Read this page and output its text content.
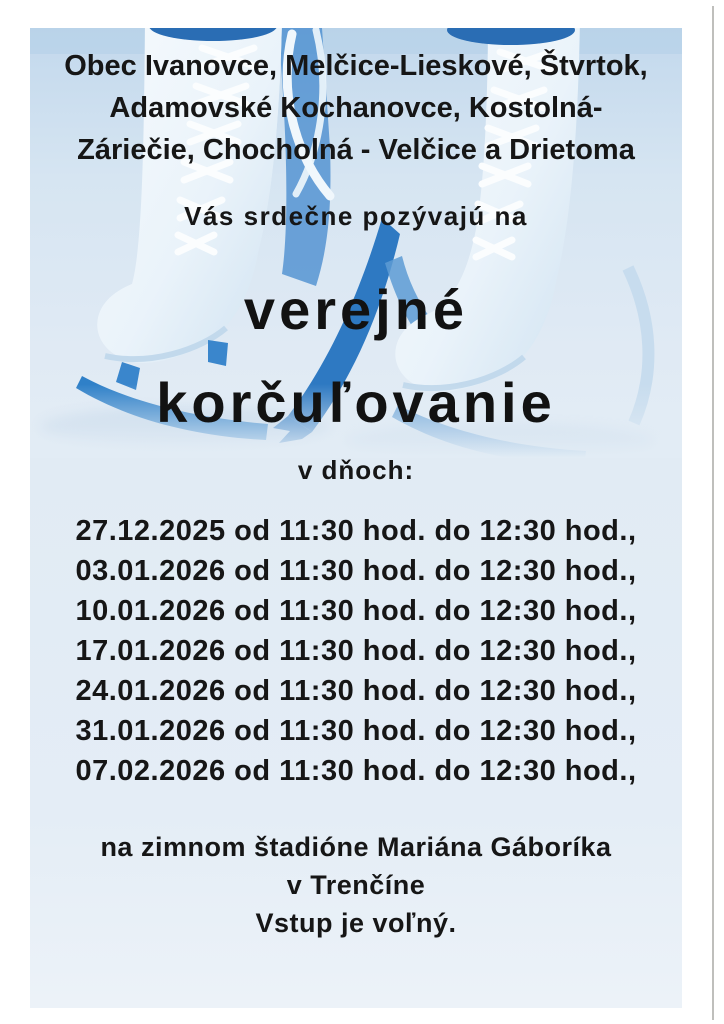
Obec Ivanovce, Melčice-Lieskové, Štvrtok,
Adamovské Kochanovce, Kostolná-
Záriečie, Chocholná - Velčice a Drietoma
Vás srdečne pozývajú na
verejné
korčuľovanie
v dňoch:
27.12.2025 od 11:30 hod. do 12:30 hod.,
03.01.2026 od 11:30 hod. do 12:30 hod.,
10.01.2026 od 11:30 hod. do 12:30 hod.,
17.01.2026 od 11:30 hod. do 12:30 hod.,
24.01.2026 od 11:30 hod. do 12:30 hod.,
31.01.2026 od 11:30 hod. do 12:30 hod.,
07.02.2026 od 11:30 hod. do 12:30 hod.,
na zimnom štadióne Mariána Gáboríka
v Trenčíne
Vstup je voľný.
